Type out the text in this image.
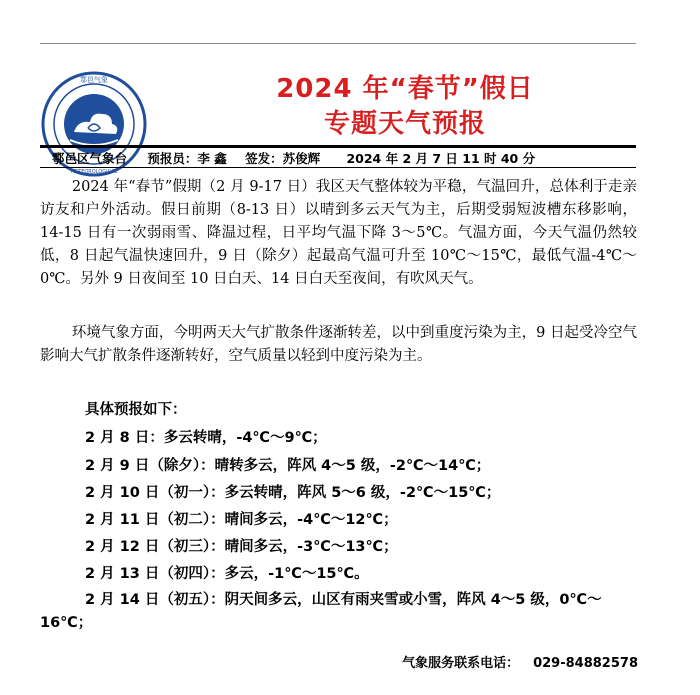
鄠邑气象
METEOROLOGICAL
2024 年“春节”假日
专题天气预报
鄠邑区气象台 预报员：李 鑫 签发：苏俊辉 2024 年 2 月 7 日 11 时 40 分
2024 年“春节”假期（2 月 9-17 日）我区天气整体较为平稳，气温回升，总体利于走亲访友和户外活动。假日前期（8-13 日）以晴到多云天气为主，后期受弱短波槽东移影响，14-15 日有一次弱雨雪、降温过程，日平均气温下降 3～5℃。气温方面，今天气温仍然较低，8 日起气温快速回升，9 日（除夕）起最高气温可升至 10℃～15℃，最低气温-4℃～0℃。另外 9 日夜间至 10 日白天、14 日白天至夜间，有吹风天气。
环境气象方面，今明两天大气扩散条件逐渐转差，以中到重度污染为主，9 日起受冷空气影响大气扩散条件逐渐转好，空气质量以轻到中度污染为主。
具体预报如下：
2 月 8 日：多云转晴，-4℃～9℃；
2 月 9 日（除夕）：晴转多云，阵风 4～5 级，-2℃～14℃；
2 月 10 日（初一）：多云转晴，阵风 5～6 级，-2℃～15℃；
2 月 11 日（初二）：晴间多云，-4℃～12℃；
2 月 12 日（初三）：晴间多云，-3℃～13℃；
2 月 13 日（初四）：多云，-1℃～15℃。
2 月 14 日（初五）：阴天间多云，山区有雨夹雪或小雪，阵风 4～5 级，0℃～16℃；
气象服务联系电话： 029-84882578
